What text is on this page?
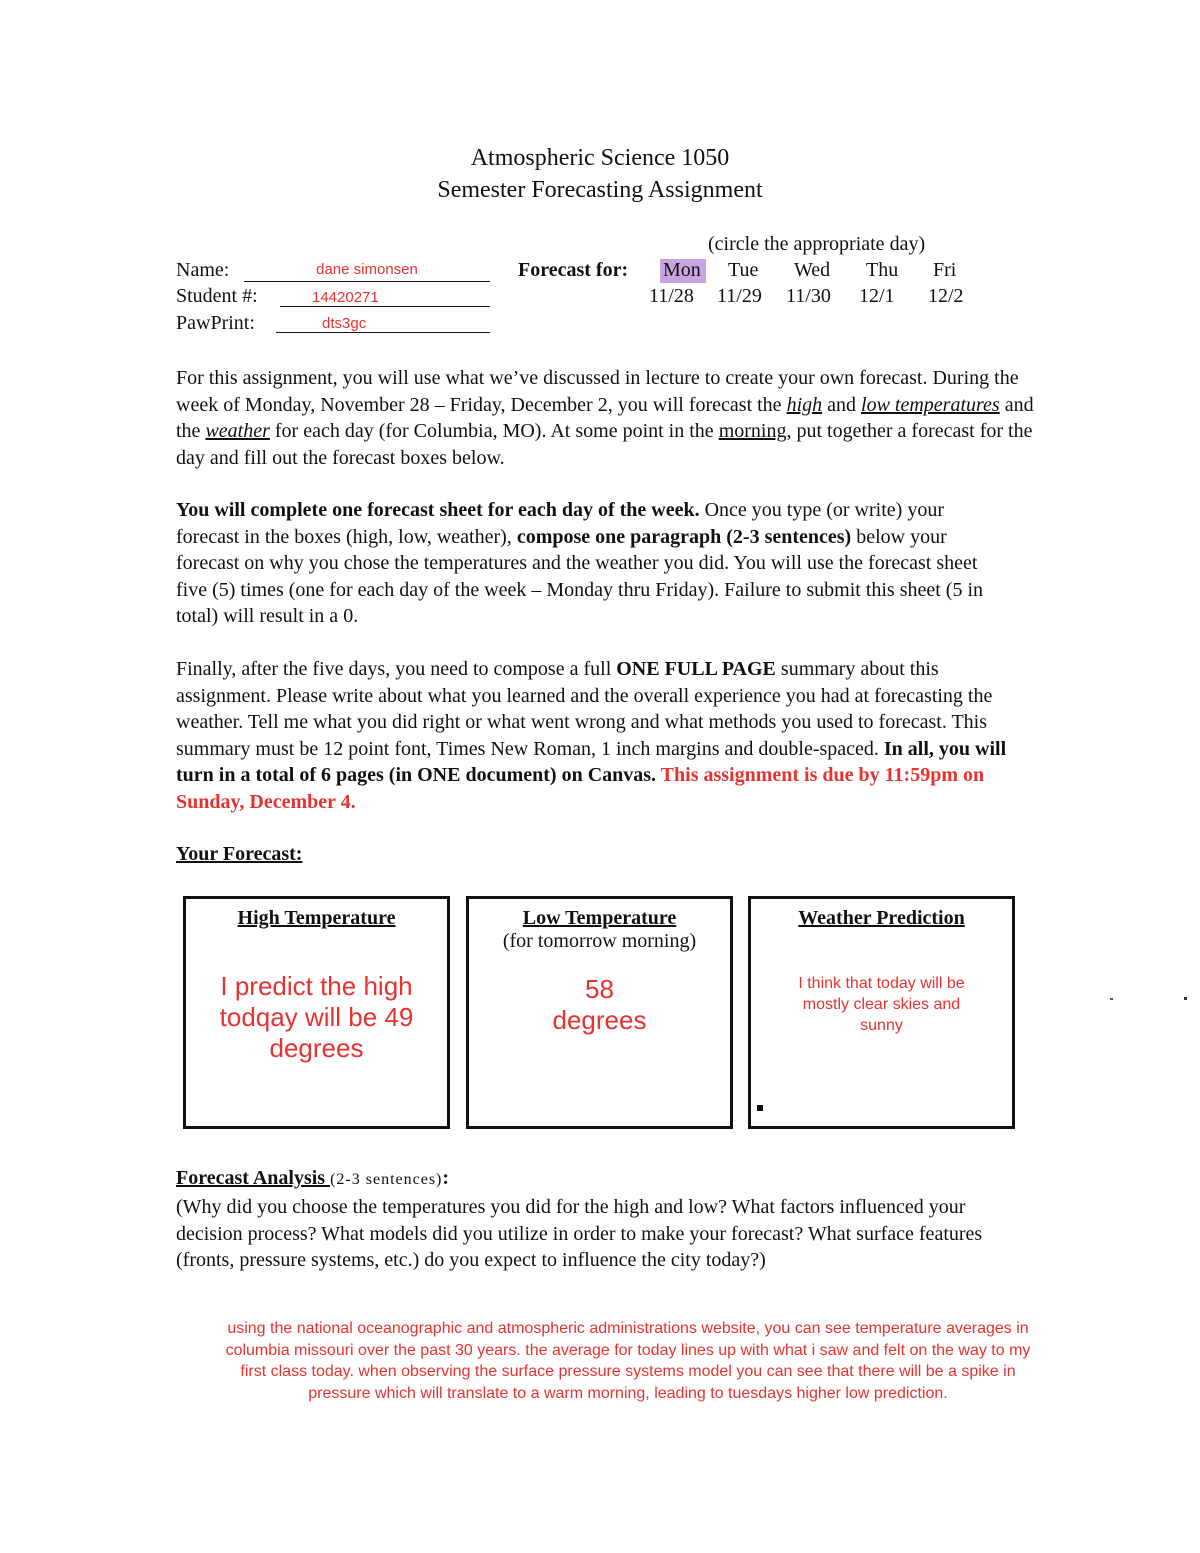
Atmospheric Science 1050
Semester Forecasting Assignment
(circle the appropriate day)
Name:	dane simonsen
Student #:	14420271
PawPrint:	dts3gc
Forecast for: Mon Tue Wed Thu Fri
11/28 11/29 11/30 12/1 12/2

For this assignment, you will use what we’ve discussed in lecture to create your own forecast. During the week of Monday, November 28 – Friday, December 2, you will forecast the high and low temperatures and the weather for each day (for Columbia, MO). At some point in the morning, put together a forecast for the day and fill out the forecast boxes below.

You will complete one forecast sheet for each day of the week. Once you type (or write) your forecast in the boxes (high, low, weather), compose one paragraph (2-3 sentences) below your forecast on why you chose the temperatures and the weather you did. You will use the forecast sheet five (5) times (one for each day of the week – Monday thru Friday). Failure to submit this sheet (5 in total) will result in a 0.

Finally, after the five days, you need to compose a full ONE FULL PAGE summary about this assignment. Please write about what you learned and the overall experience you had at forecasting the weather. Tell me what you did right or what went wrong and what methods you used to forecast. This summary must be 12 point font, Times New Roman, 1 inch margins and double-spaced. In all, you will turn in a total of 6 pages (in ONE document) on Canvas. This assignment is due by 11:59pm on Sunday, December 4.

Your Forecast:
High Temperature
I predict the high todqay will be 49 degrees
Low Temperature
(for tomorrow morning)
58
degrees
Weather Prediction
I think that today will be mostly clear skies and sunny
Forecast Analysis (2-3 sentences):
(Why did you choose the temperatures you did for the high and low? What factors influenced your decision process? What models did you utilize in order to make your forecast? What surface features (fronts, pressure systems, etc.) do you expect to influence the city today?)
using the national oceanographic and atmospheric administrations website, you can see temperature averages in columbia missouri over the past 30 years. the average for today lines up with what i saw and felt on the way to my first class today. when observing the surface pressure systems model you can see that there will be a spike in pressure which will translate to a warm morning, leading to tuesdays higher low prediction.
